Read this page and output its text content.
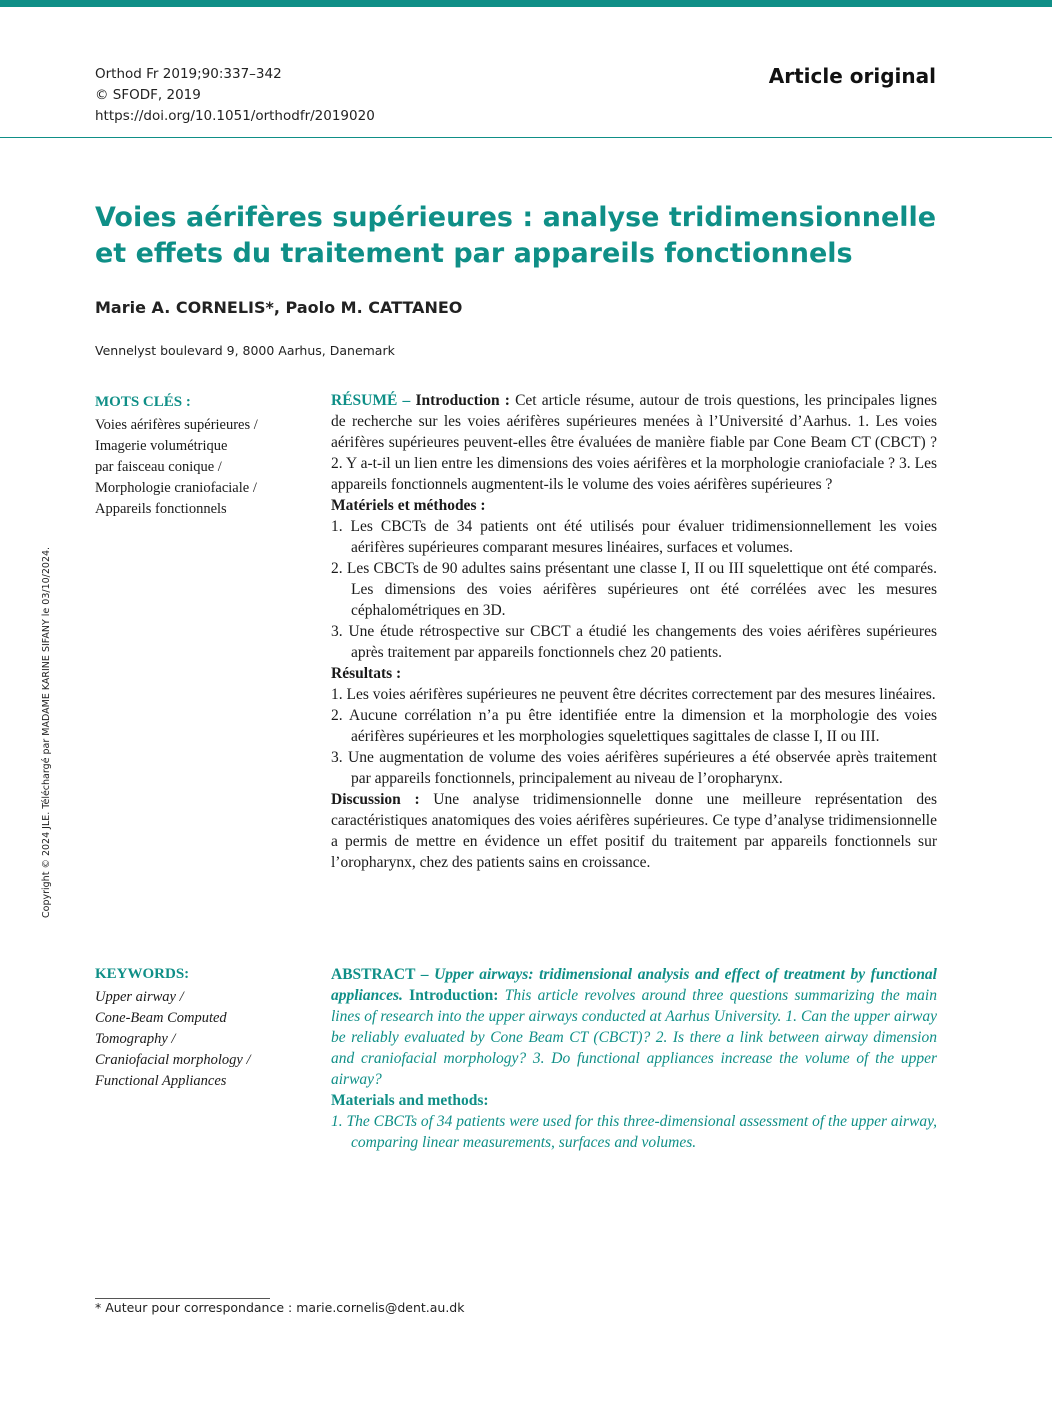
Orthod Fr 2019;90:337–342
© SFODF, 2019
https://doi.org/10.1051/orthodfr/2019020
Article original
Voies aérifères supérieures : analyse tridimensionnelle
et effets du traitement par appareils fonctionnels
Marie A. CORNELIS*, Paolo M. CATTANEO
Vennelyst boulevard 9, 8000 Aarhus, Danemark
Copyright © 2024 JLE. Téléchargé par MADAME KARINE SIFANY le 03/10/2024.
MOTS CLÉS :
Voies aérifères supérieures /
Imagerie volumétrique
par faisceau conique /
Morphologie craniofaciale /
Appareils fonctionnels
RÉSUMÉ – Introduction : Cet article résume, autour de trois questions, les principales lignes de recherche sur les voies aérifères supérieures menées à l’Université d’Aarhus. 1. Les voies aérifères supérieures peuvent-elles être évaluées de manière fiable par Cone Beam CT (CBCT) ? 2. Y a-t-il un lien entre les dimensions des voies aérifères et la morphologie craniofaciale ? 3. Les appareils fonctionnels augmentent-ils le volume des voies aérifères supérieures ?
Matériels et méthodes :
1. Les CBCTs de 34 patients ont été utilisés pour évaluer tridimensionnellement les voies aérifères supérieures comparant mesures linéaires, surfaces et volumes.
2. Les CBCTs de 90 adultes sains présentant une classe I, II ou III squelettique ont été comparés. Les dimensions des voies aérifères supérieures ont été corrélées avec les mesures céphalométriques en 3D.
3. Une étude rétrospective sur CBCT a étudié les changements des voies aérifères supérieures après traitement par appareils fonctionnels chez 20 patients.
Résultats :
1. Les voies aérifères supérieures ne peuvent être décrites correctement par des mesures linéaires.
2. Aucune corrélation n’a pu être identifiée entre la dimension et la morphologie des voies aérifères supérieures et les morphologies squelettiques sagittales de classe I, II ou III.
3. Une augmentation de volume des voies aérifères supérieures a été observée après traitement par appareils fonctionnels, principalement au niveau de l’oropharynx.
Discussion : Une analyse tridimensionnelle donne une meilleure représentation des caractéristiques anatomiques des voies aérifères supérieures. Ce type d’analyse tridimensionnelle a permis de mettre en évidence un effet positif du traitement par appareils fonctionnels sur l’oropharynx, chez des patients sains en croissance.
KEYWORDS:
Upper airway /
Cone-Beam Computed
Tomography /
Craniofacial morphology /
Functional Appliances
ABSTRACT – Upper airways: tridimensional analysis and effect of treatment by functional appliances. Introduction: This article revolves around three questions summarizing the main lines of research into the upper airways conducted at Aarhus University. 1. Can the upper airway be reliably evaluated by Cone Beam CT (CBCT)? 2. Is there a link between airway dimension and craniofacial morphology? 3. Do functional appliances increase the volume of the upper airway?
Materials and methods:
1. The CBCTs of 34 patients were used for this three-dimensional assessment of the upper airway, comparing linear measurements, surfaces and volumes.
* Auteur pour correspondance : marie.cornelis@dent.au.dk
